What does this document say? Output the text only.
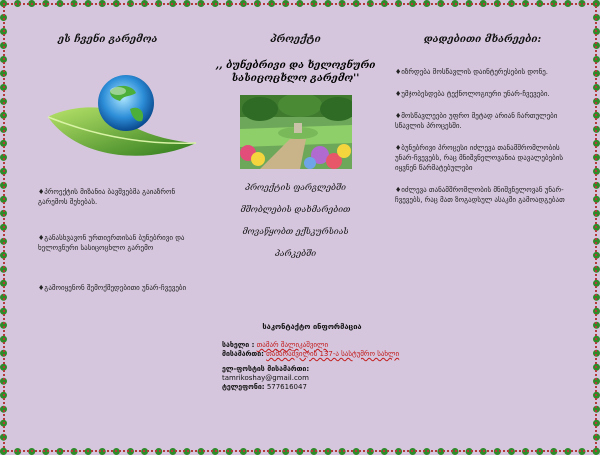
ეს ჩვენი გარემოა
♦პროექტის მიზანია ბავშვებმა გაიაზრონ გარემოს შეხებას.
♦განასხვავონ ურთიერთისან ბუნებრივი და ხელოვნური სასიცოცხლო გარემო
♦გამოიყენონ შემოქმედებითი უნარ-ჩვევები
პროექტი
,, ბუნებრივი და ხელოვნური სასიცოცხლო გარემო''
პროექტის ფარგლებში
მშობლების დახმარებით
მოვაწყობთ ექსკურსიას
პარკებში
დადებითი მხარეები:
♦იზრდება მოსწავლის დაინტერესების დონე.
♦უმჯობესდება ტექნოლოგიური უნარ-ჩვევები.
♦მოსწავლეები უფრო მეტად არიან ჩართულები სწავლის პროცესში.
♦ბუნებრივი პროცესი იძლევა თანამშრომლობის უნარ-ჩვევებს, რაც მნიშვნელოვანია დავალებების იყვნენ წარმატებულები
♦იძლევა თანამშრომლობის მნიშვნელოვან უნარ-ჩვევებს, რაც მათ ზოგადსულ ასაკში გამოადგებათ
საკონტაქტო ინფორმაცია
სახელი : თამარ შალიკაშვილი
მისამართი: თამარაშვილის 137-ა სასტუმრო სახლი
ელ-ფოსტის მისამართი:
tamrikoshay@gmail.com
ტელეფონი: 577616047
